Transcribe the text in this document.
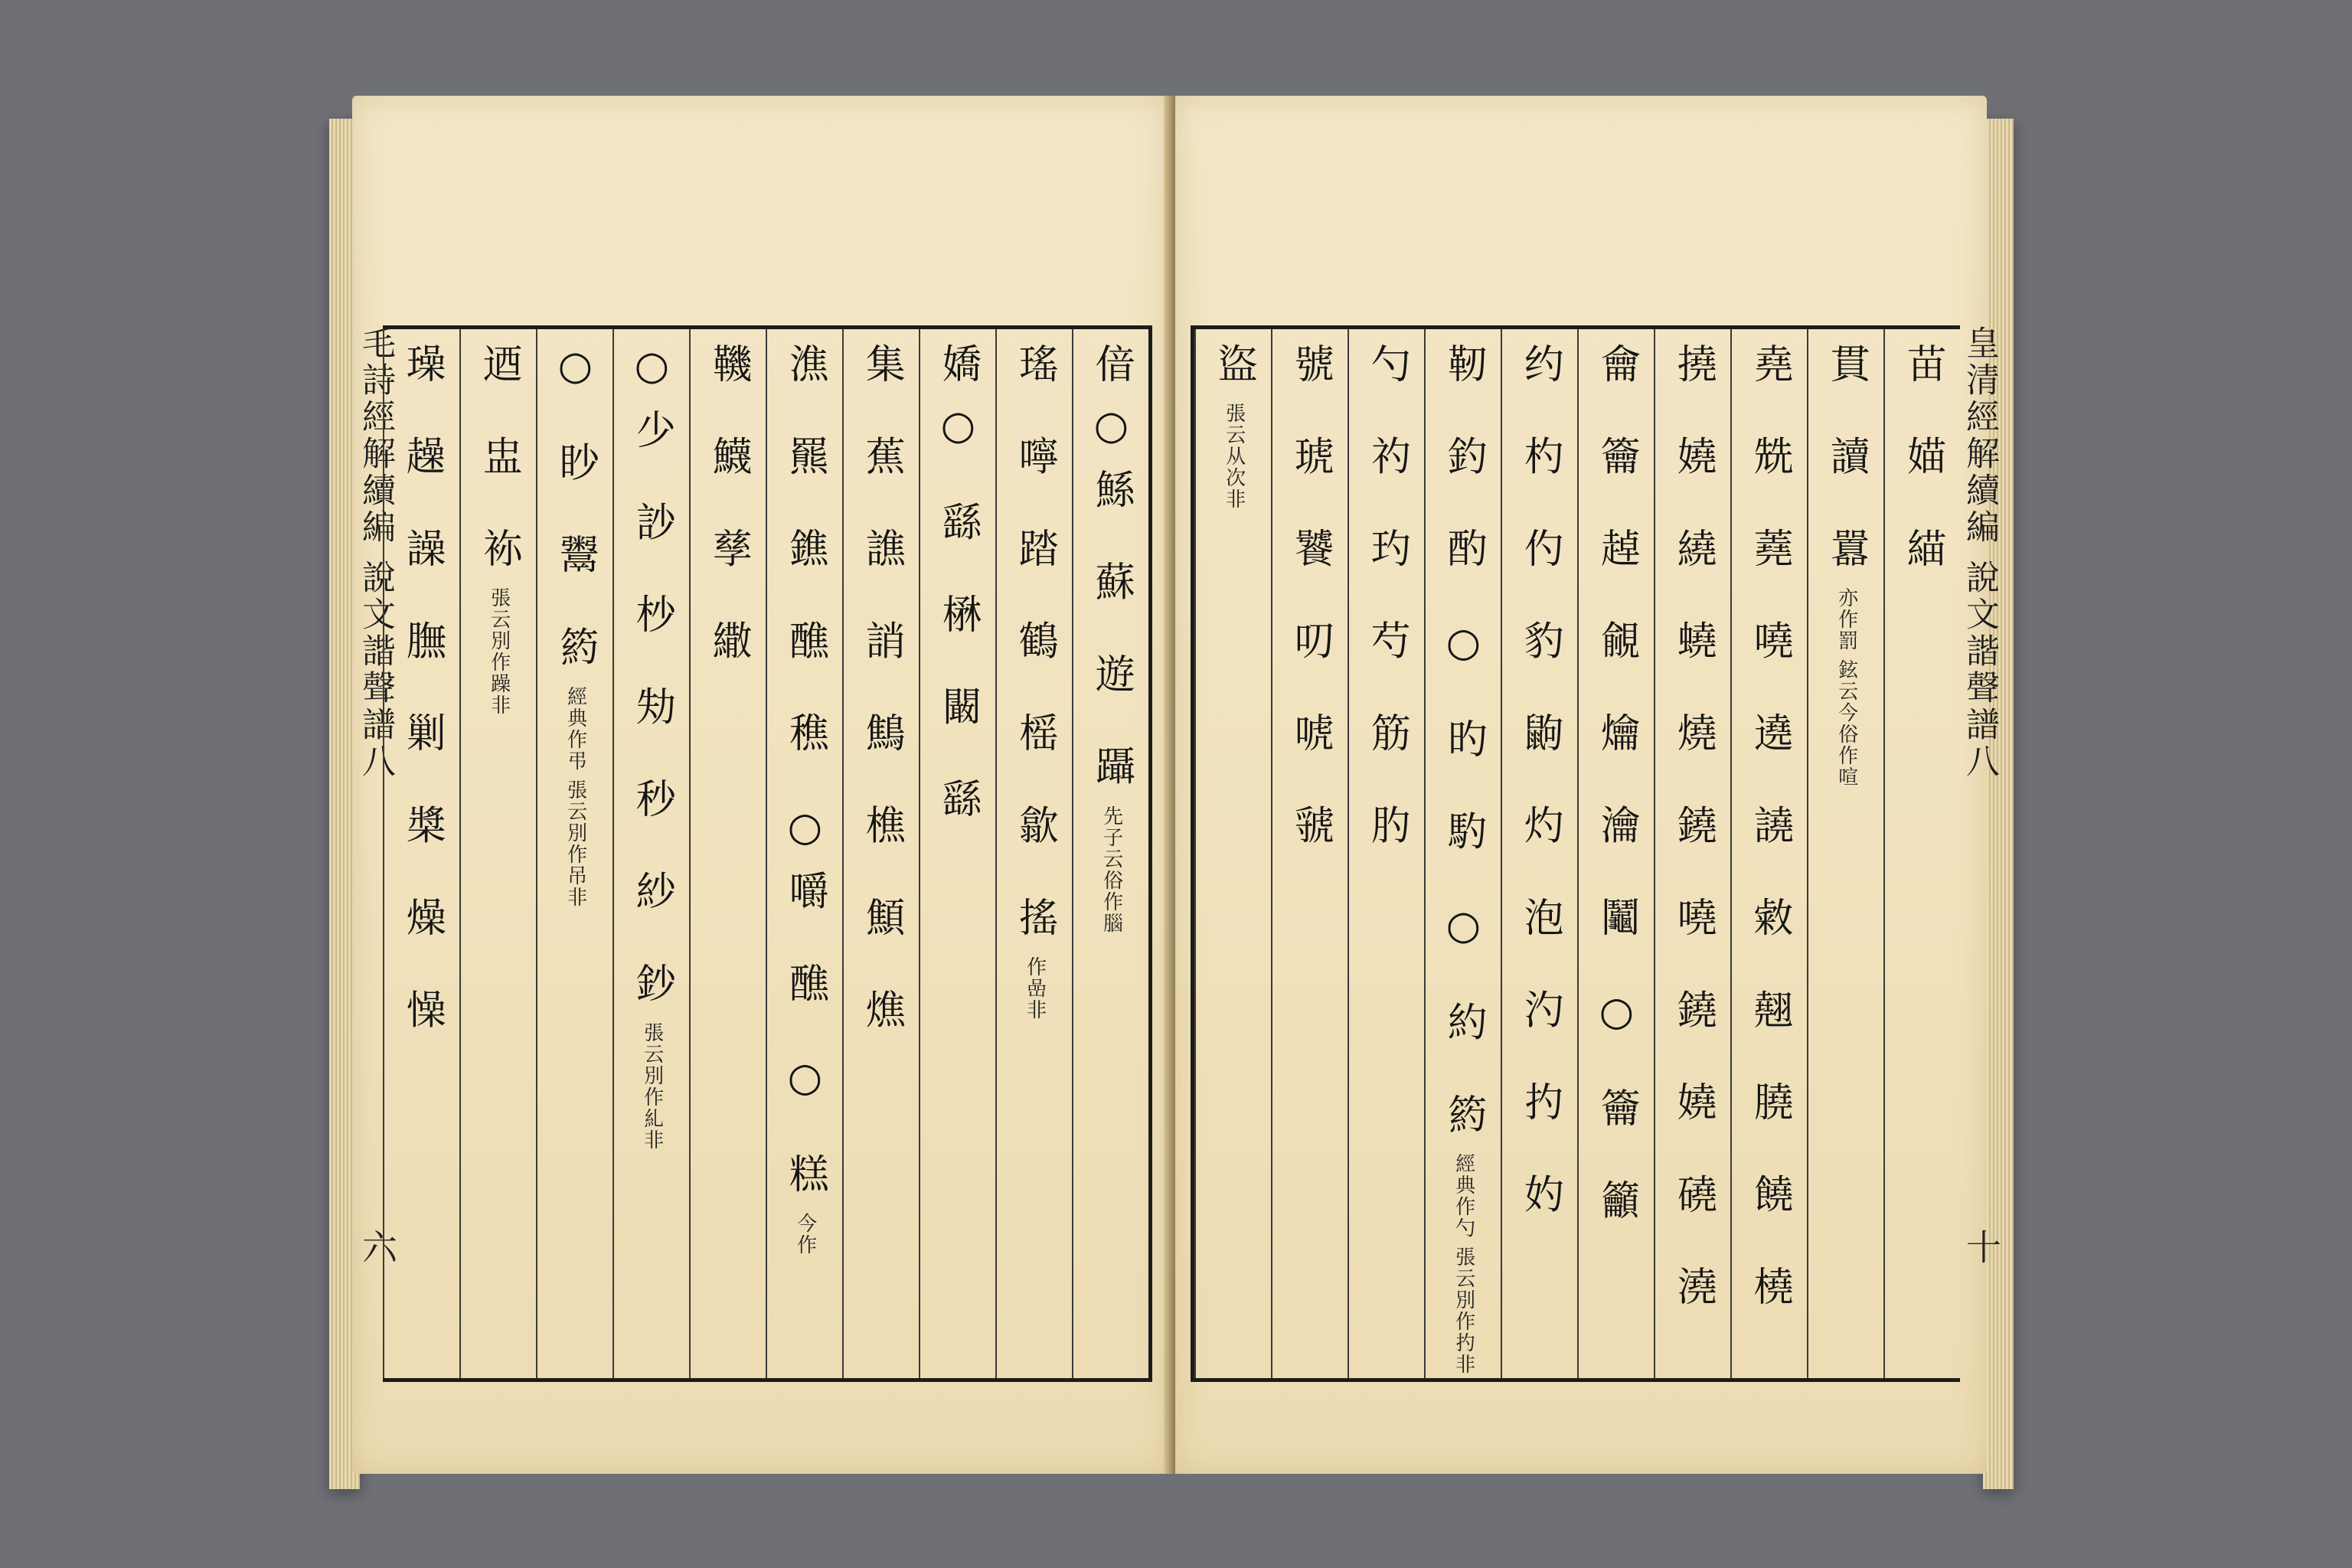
毛詩經解續編 說文諧聲譜八	偣○鯀 蘇 遊 躡
先子云俗作腦
瑤 嚀 踏 鶴 榣 歙 搖
作嵒非
嬌○ 繇 楙 闞 繇
集 蕉 譙 誚 鷦 樵 顦 燋
潐 羆 鐎 醮 穛 ○嚼 醮 ○ 糕
今作
鞿 鱴 孳 繖
○少 訬 杪 劮 秒 紗 鈔
張云別作糺非
○ 眇 鬻 箹
經典作弔 張云別作吊非
迺 盅 袮
張云別作躁非
璪 趮 譟 膴 剿 槳 燥 懆
六
皇清經解續編 說文諧聲譜八
苗 媌 緢
貫 讀 囂
亦作罰 鉉云今俗作喧
堯 兟 蕘 嘵 遶 譊 敹 翹 膮 饒 橈
撓 嬈 繞 蟯 燒 鐃 嘵 鐃 嬈 磽 澆
龠 籥 趠 覦 爚 瀹 鬮 ○ 籥 籲
约 杓 仢 豹 鼩 灼 泡 汋 扚 妁
靭 釣 酌 ○ 旳 馰 ○ 約 箹
經典作勺 張云別作扚非
勺 礿 玓 芍 筋 肑
號 琥 饕 叨 唬 虢
盜
張云从次非
十
